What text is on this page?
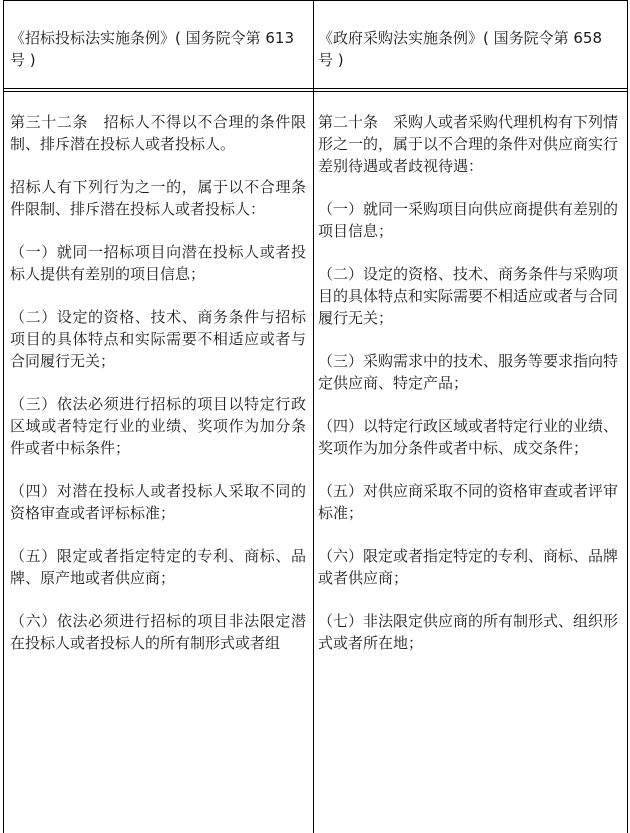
《招标投标法实施条例》( 国务院令第 613 号 )
《政府采购法实施条例》( 国务院令第 658 号 )

第三十二条　招标人不得以不合理的条件限制、排斥潜在投标人或者投标人。

招标人有下列行为之一的，属于以不合理条件限制、排斥潜在投标人或者投标人：

（一）就同一招标项目向潜在投标人或者投标人提供有差别的项目信息；

（二）设定的资格、技术、商务条件与招标项目的具体特点和实际需要不相适应或者与合同履行无关；

（三）依法必须进行招标的项目以特定行政区域或者特定行业的业绩、奖项作为加分条件或者中标条件；

（四）对潜在投标人或者投标人采取不同的资格审查或者评标标准；

（五）限定或者指定特定的专利、商标、品牌、原产地或者供应商；

（六）依法必须进行招标的项目非法限定潜在投标人或者投标人的所有制形式或者组

第二十条　采购人或者采购代理机构有下列情形之一的，属于以不合理的条件对供应商实行差别待遇或者歧视待遇：

（一）就同一采购项目向供应商提供有差别的项目信息；

（二）设定的资格、技术、商务条件与采购项目的具体特点和实际需要不相适应或者与合同履行无关；

（三）采购需求中的技术、服务等要求指向特定供应商、特定产品；

（四）以特定行政区域或者特定行业的业绩、奖项作为加分条件或者中标、成交条件；

（五）对供应商采取不同的资格审查或者评审标准；

（六）限定或者指定特定的专利、商标、品牌或者供应商；

（七）非法限定供应商的所有制形式、组织形式或者所在地；
